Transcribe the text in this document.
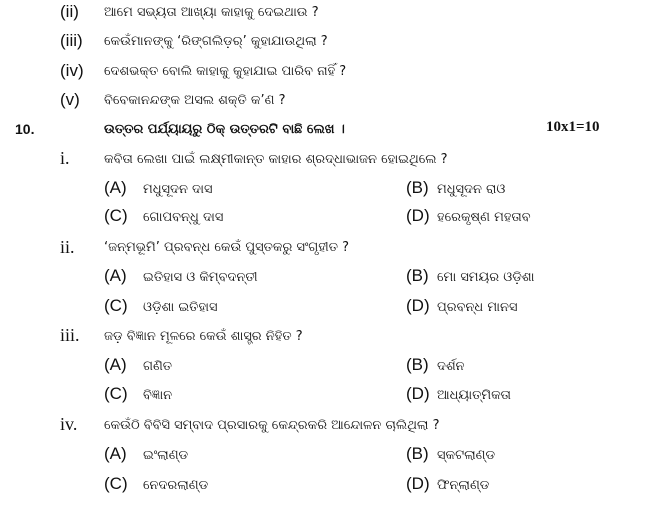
(ii) ଆମେ ସଭ୍ୟତା ଆଖ୍ୟା କାହାକୁ ଦେଇଥାଉ ?
(iii) କେଉଁମାନଙ୍କୁ ‘ରିଙ୍ଗଲିଡ଼ର୍’ କୁହାଯାଉଥିଲା ?
(iv) ଦେଶଭକ୍ତ ବୋଲି କାହାକୁ କୁହାଯାଇ ପାରିବ ନାହିଁ ?
(v) ବିବେକାନନ୍ଦଙ୍କ ଅସଲ ଶକ୍ତି କ’ଣ ?
10.	ଉତ୍ତର ପର୍ଯ୍ୟାୟରୁ ଠିକ୍ ଉତ୍ତରଟି ବାଛି ଲେଖ ।	10x1=10
i.	କବିତା ଲେଖା ପାଇଁ ଲକ୍ଷ୍ମୀକାନ୍ତ କାହାର ଶ୍ରଦ୍ଧାଭାଜନ ହୋଇଥିଲେ ?
(A) ମଧୁସୂଦନ ଦାସ	(B) ମଧୁସୂଦନ ରାଓ
(C) ଗୋପବନ୍ଧୁ ଦାସ	(D) ହରେକୃଷ୍ଣ ମହତାବ
ii. ‘ଜନ୍ମଭୂମି’ ପ୍ରବନ୍ଧ କେଉଁ ପୁସ୍ତକରୁ ସଂଗୃହୀତ ?
(A) ଇତିହାସ ଓ କିମ୍ବଦନ୍ତୀ	(B) ମୋ ସମୟର ଓଡ଼ିଶା
(C) ଓଡ଼ିଶା ଇତିହାସ	(D) ପ୍ରବନ୍ଧ ମାନସ
iii. ଜଡ଼ ବିଜ୍ଞାନ ମୂଳରେ କେଉଁ ଶାସ୍ତ୍ର ନିହିତ ?
(A) ଗଣିତ	(B) ଦର୍ଶନ
(C) ବିଜ୍ଞାନ	(D) ଆଧ୍ୟାତ୍ମିକତା
iv. କେଉଁଠି ବିବିସି ସମ୍ବାଦ ପ୍ରସାରକୁ କେନ୍ଦ୍ରକରି ଆନ୍ଦୋଳନ ଚାଲିଥିଲା ?
(A) ଇଂଲାଣ୍ଡ	(B) ସ୍କଟଲାଣ୍ଡ
(C) ନେଦରଲାଣ୍ଡ	(D) ଫିନ୍‌ଲାଣ୍ଡ
